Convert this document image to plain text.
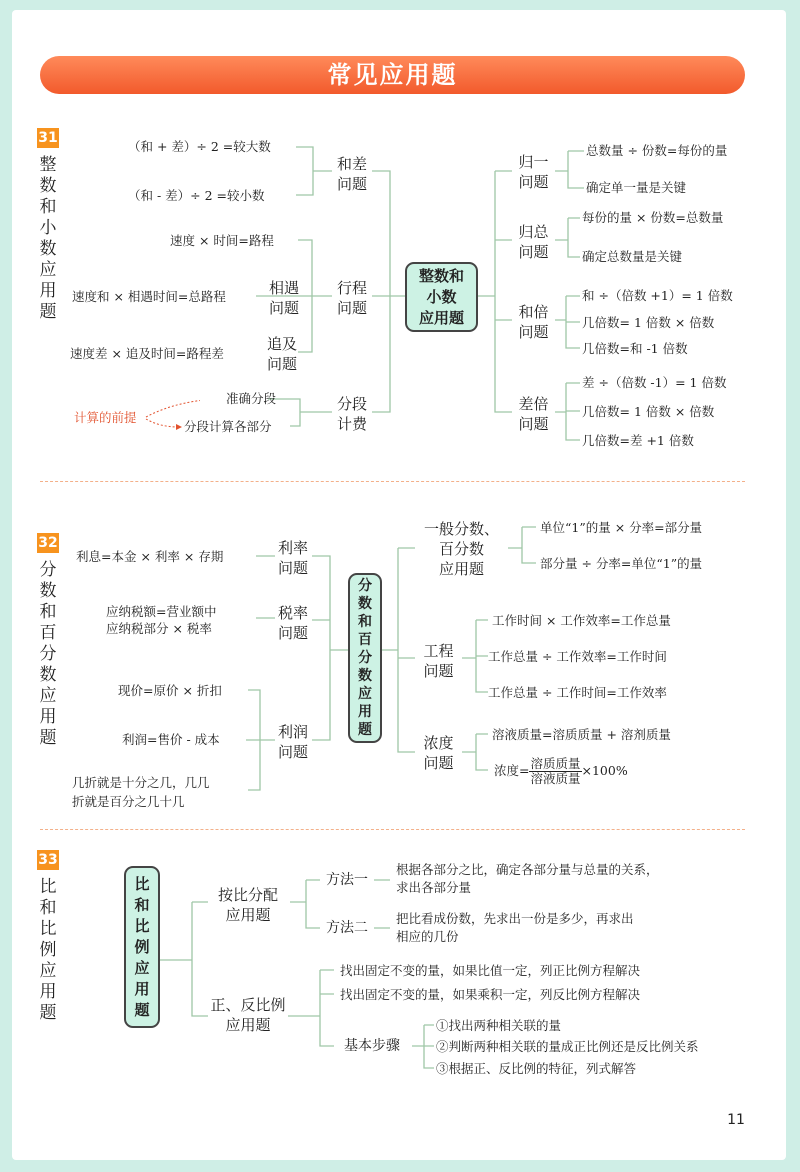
常见应用题
31
整
数
和
小
数
应
用
题
（和 + 差）÷ 2 =较大数
（和 - 差）÷ 2 =较小数
和差
问题
速度 × 时间=路程
速度和 × 相遇时间=总路程	相遇
问题
速度差 × 追及时间=路程差
追及
问题
行程
问题
计算的前提
准确分段
分段计算各部分
分段
计费
整数和
小数
应用题
归一
问题
总数量 ÷ 份数=每份的量
确定单一量是关键
归总
问题
每份的量 × 份数=总数量
确定总数量是关键
和倍
问题
和 ÷（倍数 +1）= 1 倍数
几倍数= 1 倍数 × 倍数
几倍数=和 -1 倍数
差倍
问题
差 ÷（倍数 -1）= 1 倍数
几倍数= 1 倍数 × 倍数
几倍数=差 +1 倍数
32
分
数
和
百
分
数
应
用
题
利息=本金 × 利率 × 存期	利率
问题
应纳税额=营业额中
应纳税部分 × 税率
税率
问题
现价=原价 × 折扣
利润=售价 - 成本
几折就是十分之几，几几
折就是百分之几十几
利润
问题
分
数
和
百
分
数
应
用
题
一般分数、
百分数
应用题
单位“1”的量 × 分率=部分量
部分量 ÷ 分率=单位“1”的量
工程
问题
工作时间 × 工作效率=工作总量
工作总量 ÷ 工作效率=工作时间
工作总量 ÷ 工作时间=工作效率
浓度
问题
溶液质量=溶质质量 + 溶剂质量
浓度= $\frac{\text{溶质质量}}{\text{溶液质量}} \times 100\%$
33
比
和
比
例
应
用
题
比
和
比
例
应
用
题
按比分配
应用题
方法一
根据各部分之比，确定各部分量与总量的关系，
求出各部分量
方法二
把比看成份数，先求出一份是多少，再求出
相应的几份
正、反比例
应用题
找出固定不变的量，如果比值一定，列正比例方程解决
找出固定不变的量，如果乘积一定，列反比例方程解决
基本步骤
①找出两种相关联的量
②判断两种相关联的量成正比例还是反比例关系
③根据正、反比例的特征，列式解答
11
